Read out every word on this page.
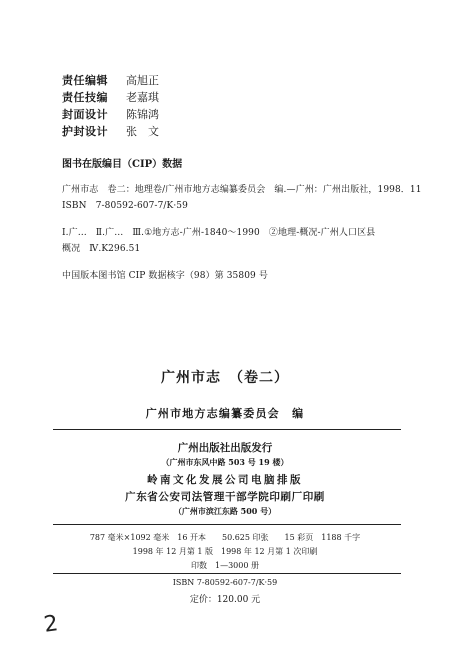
责任编辑	高旭正
责任技编	老嘉琪
封面设计	陈锦鸿
护封设计	张　文
图书在版编目（CIP）数据
广州市志　卷二：地理卷/广州市地方志编纂委员会　编.—广州：广州出版社，1998．11
ISBN　7-80592-607-7/K·59
Ⅰ.广…　Ⅱ.广…　Ⅲ.①地方志-广州-1840～1990　②地理-概况-广州人口区县
概况　Ⅳ.K296.51
中国版本图书馆 CIP 数据核字（98）第 35809 号
广州市志　（卷二）
广州市地方志编纂委员会　编
广州出版社出版发行
（广州市东风中路 503 号 19 楼）
岭南文化发展公司电脑排版
广东省公安司法管理干部学院印刷厂印刷
（广州市滨江东路 500 号）
787 毫米×1092 毫米　16 开本　　50.625 印张　　15 彩页　1188 千字
1998 年 12 月第 1 版　1998 年 12 月第 1 次印刷
印数　1—3000 册
ISBN 7-80592-607-7/K·59
定价：120.00 元
2
